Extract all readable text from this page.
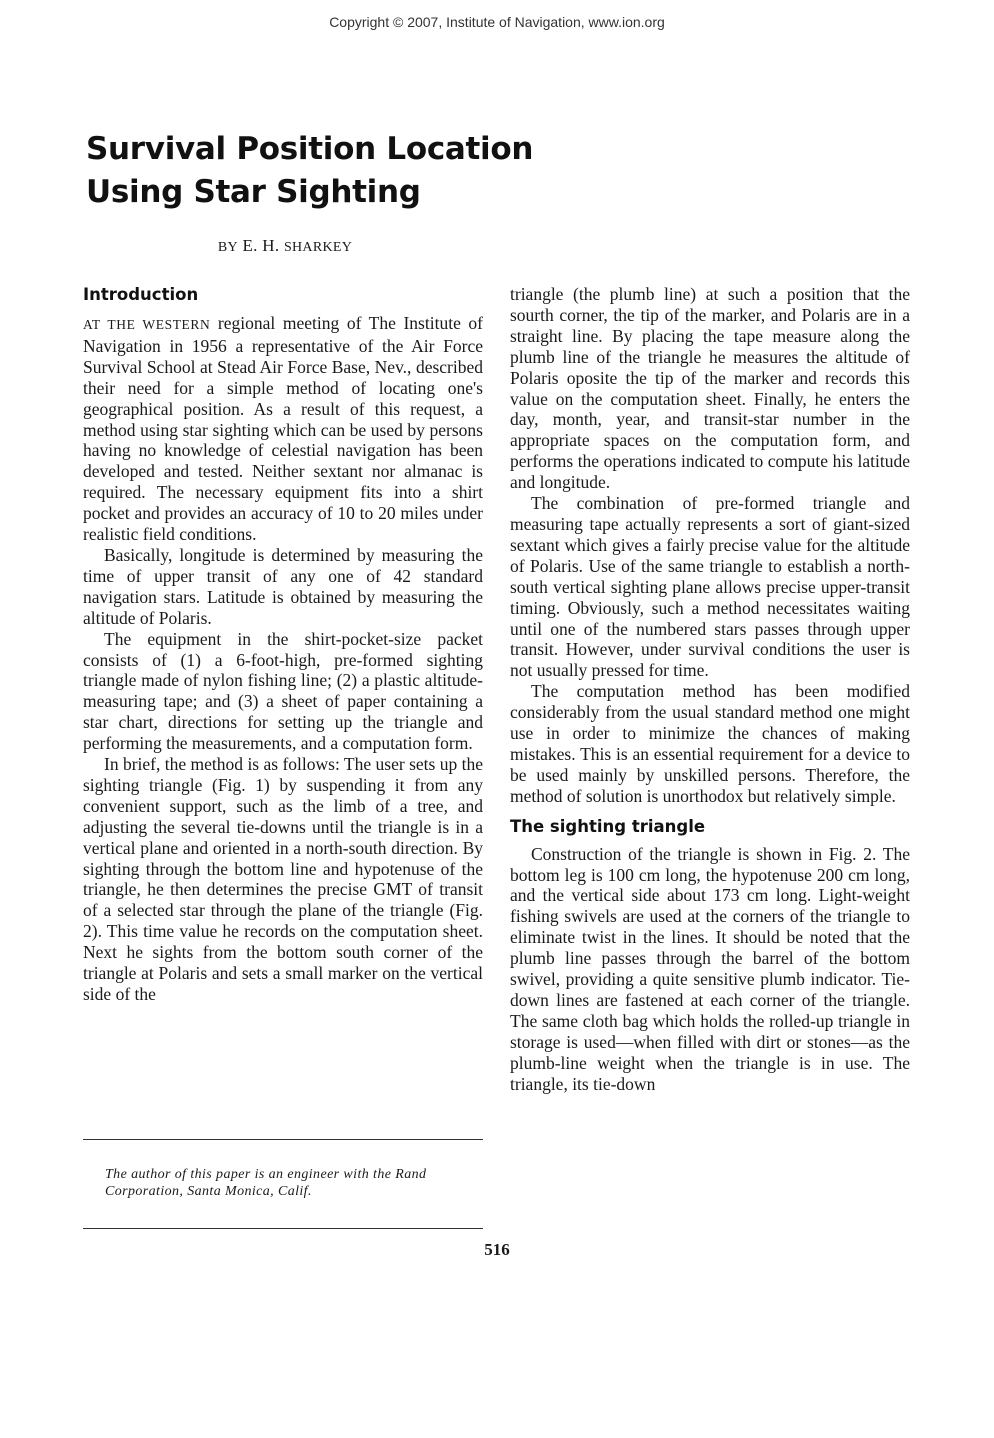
Copyright © 2007, Institute of Navigation, www.ion.org
Survival Position Location
Using Star Sighting
BY E. H. SHARKEY
Introduction

AT THE WESTERN regional meeting of The Institute of Navigation in 1956 a representative of the Air Force Survival School at Stead Air Force Base, Nev., described their need for a simple method of locating one's geographical position. As a result of this request, a method using star sighting which can be used by persons having no knowledge of celestial navigation has been developed and tested. Neither sextant nor almanac is required. The necessary equipment fits into a shirt pocket and provides an accuracy of 10 to 20 miles under realistic field conditions.

Basically, longitude is determined by measuring the time of upper transit of any one of 42 standard navigation stars. Latitude is obtained by measuring the altitude of Polaris.

The equipment in the shirt-pocket-size packet consists of (1) a 6-foot-high, pre-formed sighting triangle made of nylon fishing line; (2) a plastic altitude-measuring tape; and (3) a sheet of paper containing a star chart, directions for setting up the triangle and performing the measurements, and a computation form.

In brief, the method is as follows: The user sets up the sighting triangle (Fig. 1) by suspending it from any convenient support, such as the limb of a tree, and adjusting the several tie-downs until the triangle is in a vertical plane and oriented in a north-south direction. By sighting through the bottom line and hypotenuse of the triangle, he then determines the precise GMT of transit of a selected star through the plane of the triangle (Fig. 2). This time value he records on the computation sheet. Next he sights from the bottom south corner of the triangle at Polaris and sets a small marker on the vertical side of the

The author of this paper is an engineer with the Rand Corporation, Santa Monica, Calif.

triangle (the plumb line) at such a position that the sourth corner, the tip of the marker, and Polaris are in a straight line. By placing the tape measure along the plumb line of the triangle he measures the altitude of Polaris oposite the tip of the marker and records this value on the computation sheet. Finally, he enters the day, month, year, and transit-star number in the appropriate spaces on the computation form, and performs the operations indicated to compute his latitude and longitude.

The combination of pre-formed triangle and measuring tape actually represents a sort of giant-sized sextant which gives a fairly precise value for the altitude of Polaris. Use of the same triangle to establish a north-south vertical sighting plane allows precise upper-transit timing. Obviously, such a method necessitates waiting until one of the numbered stars passes through upper transit. However, under survival conditions the user is not usually pressed for time.

The computation method has been modified considerably from the usual standard method one might use in order to minimize the chances of making mistakes. This is an essential requirement for a device to be used mainly by unskilled persons. Therefore, the method of solution is unorthodox but relatively simple.

The sighting triangle

Construction of the triangle is shown in Fig. 2. The bottom leg is 100 cm long, the hypotenuse 200 cm long, and the vertical side about 173 cm long. Light-weight fishing swivels are used at the corners of the triangle to eliminate twist in the lines. It should be noted that the plumb line passes through the barrel of the bottom swivel, providing a quite sensitive plumb indicator. Tie-down lines are fastened at each corner of the triangle. The same cloth bag which holds the rolled-up triangle in storage is used—when filled with dirt or stones—as the plumb-line weight when the triangle is in use. The triangle, its tie-down

516
